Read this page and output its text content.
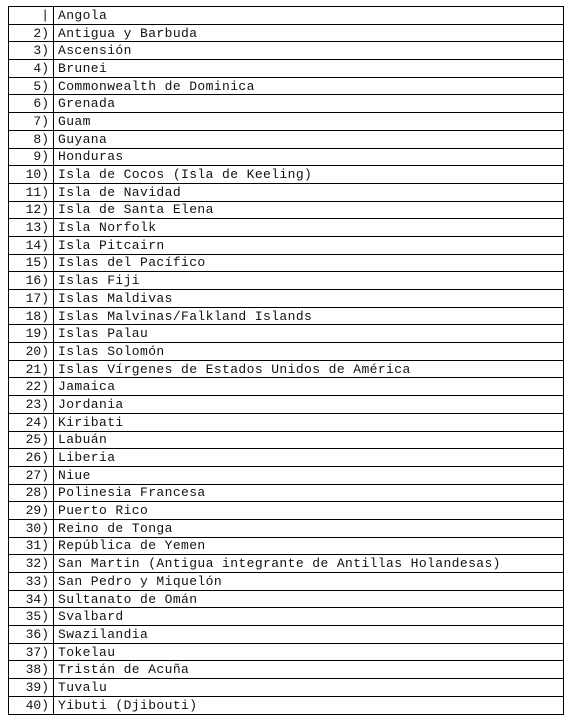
|	Angola
2)	Antigua y Barbuda
3)	Ascensión
4)	Brunei
5)	Commonwealth de Dominica
6)	Grenada
7)	Guam
8)	Guyana
9)	Honduras
10)	Isla de Cocos (Isla de Keeling)
11)	Isla de Navidad
12)	Isla de Santa Elena
13)	Isla Norfolk
14)	Isla Pitcairn
15)	Islas del Pacífico
16)	Islas Fiji
17)	Islas Maldivas
18)	Islas Malvinas/Falkland Islands
19)	Islas Palau
20)	Islas Solomón
21)	Islas Vírgenes de Estados Unidos de América
22)	Jamaica
23)	Jordania
24)	Kiribati
25)	Labuán
26)	Liberia
27)	Niue
28)	Polinesia Francesa
29)	Puerto Rico
30)	Reino de Tonga
31)	República de Yemen
32)	San Martin (Antigua integrante de Antillas Holandesas)
33)	San Pedro y Miquelón
34)	Sultanato de Omán
35)	Svalbard
36)	Swazilandia
37)	Tokelau
38)	Tristán de Acuña
39)	Tuvalu
40)	Yibuti (Djibouti)
